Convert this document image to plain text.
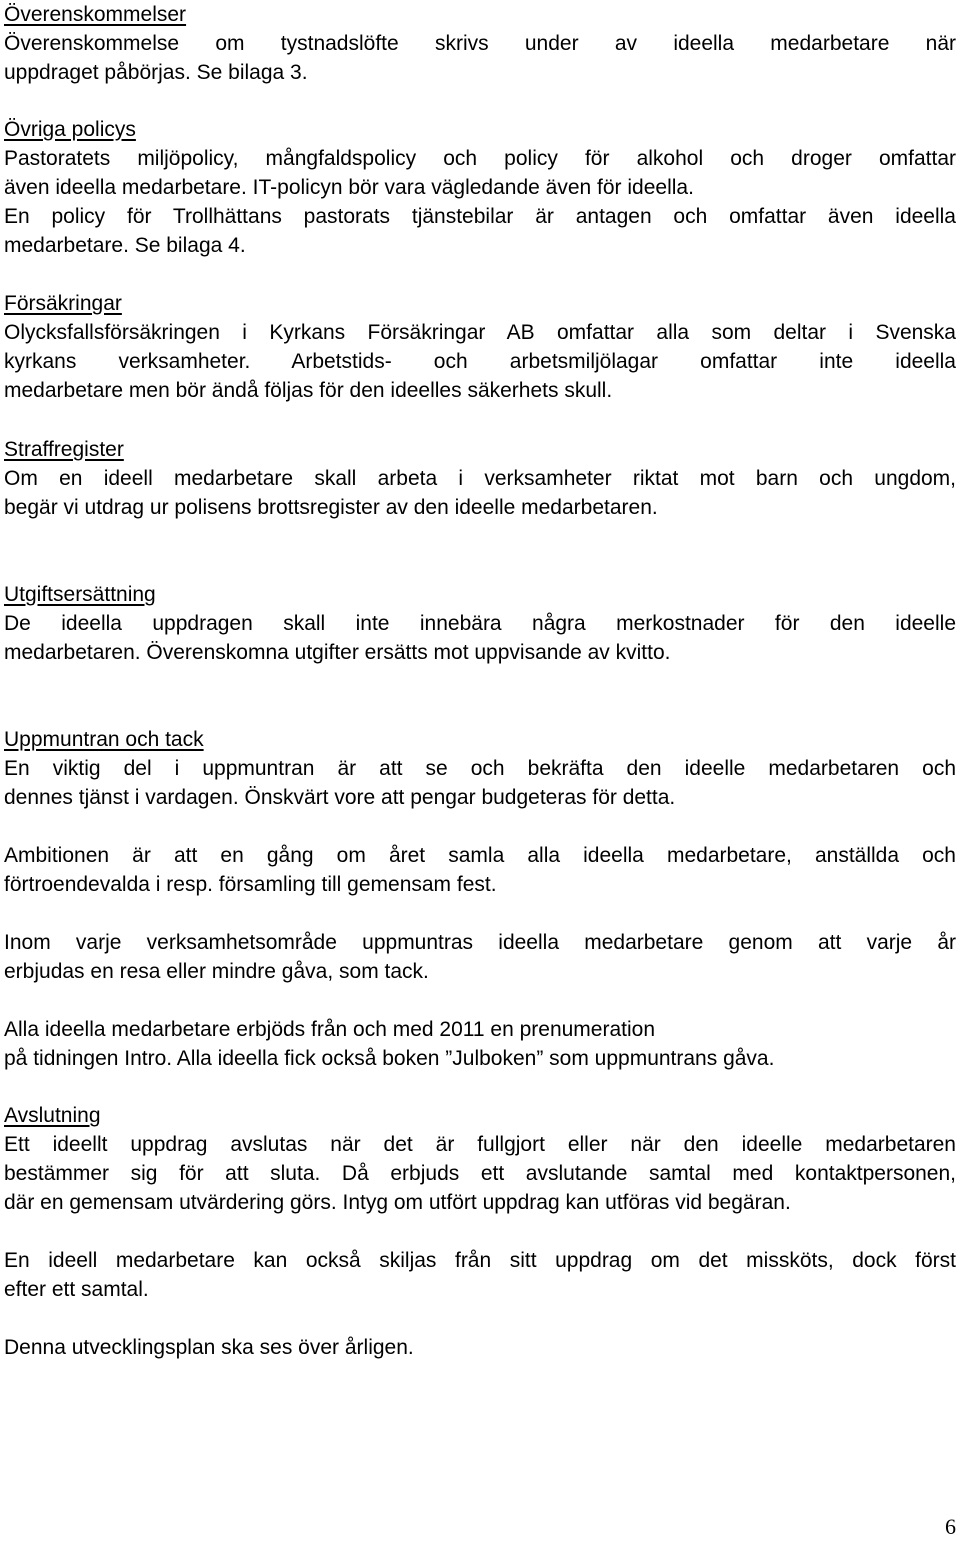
Överenskommelser
Överenskommelse om tystnadslöfte skrivs under av ideella medarbetare när
uppdraget påbörjas. Se bilaga 3.
Övriga policys
Pastoratets miljöpolicy, mångfaldspolicy och policy för alkohol och droger omfattar
även ideella medarbetare. IT-policyn bör vara vägledande även för ideella.
En policy för Trollhättans pastorats tjänstebilar är antagen och omfattar även ideella
medarbetare. Se bilaga 4.
Försäkringar
Olycksfallsförsäkringen i Kyrkans Försäkringar AB omfattar alla som deltar i Svenska
kyrkans verksamheter. Arbetstids- och arbetsmiljölagar omfattar inte ideella
medarbetare men bör ändå följas för den ideelles säkerhets skull.
Straffregister
Om en ideell medarbetare skall arbeta i verksamheter riktat mot barn och ungdom,
begär vi utdrag ur polisens brottsregister av den ideelle medarbetaren.
Utgiftsersättning
De ideella uppdragen skall inte innebära några merkostnader för den ideelle
medarbetaren. Överenskomna utgifter ersätts mot uppvisande av kvitto.
Uppmuntran och tack
En viktig del i uppmuntran är att se och bekräfta den ideelle medarbetaren och
dennes tjänst i vardagen. Önskvärt vore att pengar budgeteras för detta.
Ambitionen är att en gång om året samla alla ideella medarbetare, anställda och
förtroendevalda i resp. församling till gemensam fest.
Inom varje verksamhetsområde uppmuntras ideella medarbetare genom att varje år
erbjudas en resa eller mindre gåva, som tack.
Alla ideella medarbetare erbjöds från och med 2011 en prenumeration
på tidningen Intro. Alla ideella fick också boken ”Julboken” som uppmuntrans gåva.
Avslutning
Ett ideellt uppdrag avslutas när det är fullgjort eller när den ideelle medarbetaren
bestämmer sig för att sluta. Då erbjuds ett avslutande samtal med kontaktpersonen,
där en gemensam utvärdering görs. Intyg om utfört uppdrag kan utföras vid begäran.
En ideell medarbetare kan också skiljas från sitt uppdrag om det missköts, dock först
efter ett samtal.
Denna utvecklingsplan ska ses över årligen.
6
